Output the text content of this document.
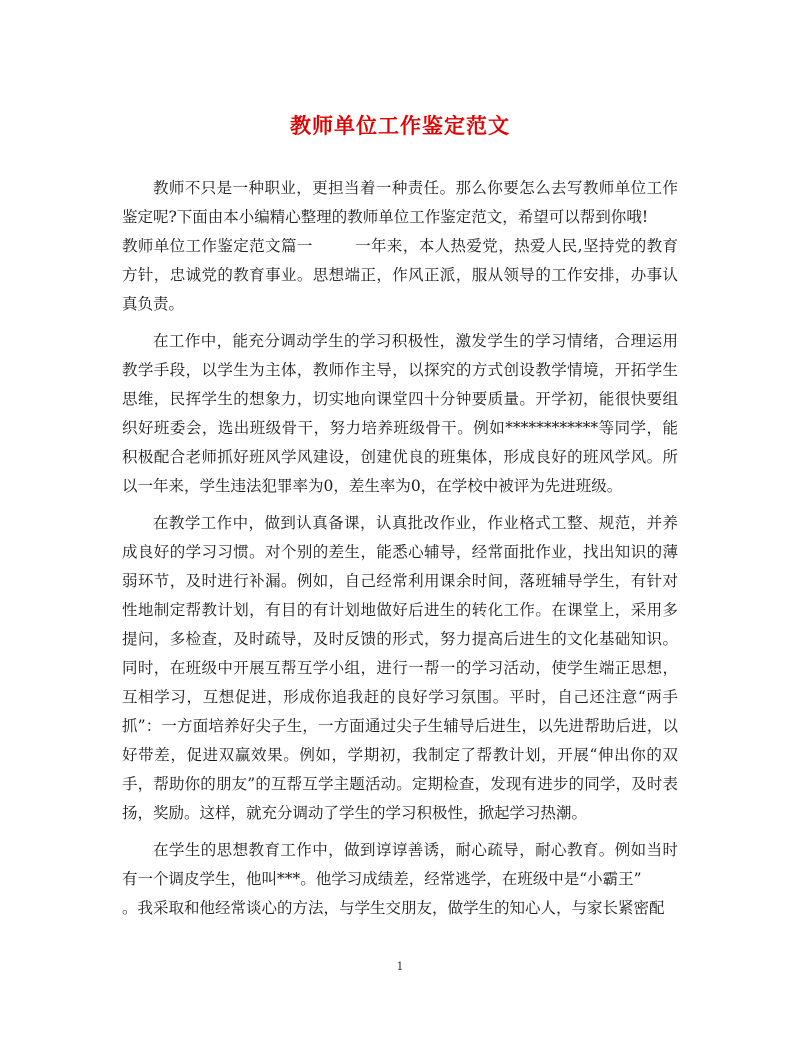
教师单位工作鉴定范文

教师不只是一种职业，更担当着一种责任。那么你要怎么去写教师单位工作鉴定呢?下面由本小编精心整理的教师单位工作鉴定范文，希望可以帮到你哦!

教师单位工作鉴定范文篇一	一年来，本人热爱党，热爱人民,坚持党的教育方针，忠诚党的教育事业。思想端正，作风正派，服从领导的工作安排，办事认真负责。

在工作中，能充分调动学生的学习积极性，激发学生的学习情绪，合理运用教学手段，以学生为主体，教师作主导，以探究的方式创设教学情境，开拓学生思维，民挥学生的想象力，切实地向课堂四十分钟要质量。开学初，能很快要组织好班委会，选出班级骨干，努力培养班级骨干。例如************等同学，能积极配合老师抓好班风学风建设，创建优良的班集体，形成良好的班风学风。所以一年来，学生违法犯罪率为0，差生率为0，在学校中被评为先进班级。

在教学工作中，做到认真备课，认真批改作业，作业格式工整、规范，并养成良好的学习习惯。对个别的差生，能悉心辅导，经常面批作业，找出知识的薄弱环节，及时进行补漏。例如，自己经常利用课余时间，落班辅导学生，有针对性地制定帮教计划，有目的有计划地做好后进生的转化工作。在课堂上，采用多提问，多检查，及时疏导，及时反馈的形式，努力提高后进生的文化基础知识。同时，在班级中开展互帮互学小组，进行一帮一的学习活动，使学生端正思想，互相学习，互想促进，形成你追我赶的良好学习氛围。平时，自己还注意“两手抓”：一方面培养好尖子生，一方面通过尖子生辅导后进生，以先进帮助后进，以好带差，促进双赢效果。例如，学期初，我制定了帮教计划，开展“伸出你的双手，帮助你的朋友”的互帮互学主题活动。定期检查，发现有进步的同学，及时表扬，奖励。这样，就充分调动了学生的学习积极性，掀起学习热潮。

在学生的思想教育工作中，做到谆谆善诱，耐心疏导，耐心教育。例如当时有一个调皮学生，他叫***。他学习成绩差，经常逃学，在班级中是“小霸王”

。我采取和他经常谈心的方法，与学生交朋友，做学生的知心人，与家长紧密配

1
